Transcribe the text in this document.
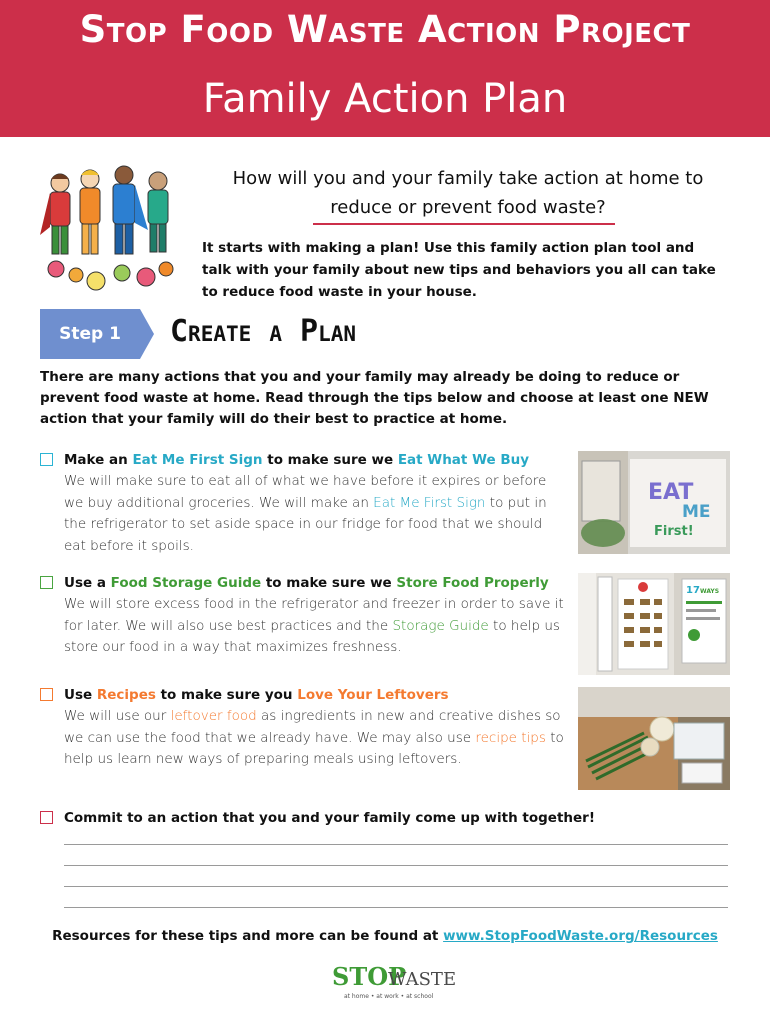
Stop Food Waste Action Project
Family Action Plan
How will you and your family take action at home to
reduce or prevent food waste?
It starts with making a plan! Use this family action plan tool and talk with your family about new tips and behaviors you all can take to reduce food waste in your house.
Step 1	Create a Plan
There are many actions that you and your family may already be doing to reduce or prevent food waste at home. Read through the tips below and choose at least one NEW action that your family will do their best to practice at home.
Make an Eat Me First Sign to make sure we Eat What We Buy
We will make sure to eat all of what we have before it expires or before we buy additional groceries. We will make an Eat Me First Sign to put in the refrigerator to set aside space in our fridge for food that we should eat before it spoils.
Use a Food Storage Guide to make sure we Store Food Properly
We will store excess food in the refrigerator and freezer in order to save it for later. We will also use best practices and the Storage Guide to help us store our food in a way that maximizes freshness.
Use Recipes to make sure you Love Your Leftovers
We will use our leftover food as ingredients in new and creative dishes so we can use the food that we already have. We may also use recipe tips to help us learn new ways of preparing meals using leftovers.
Commit to an action that you and your family come up with together!
EAT
ME
First!
17 WAYS
Resources for these tips and more can be found at www.StopFoodWaste.org/Resources
STOP
WASTE
at home • at work • at school
